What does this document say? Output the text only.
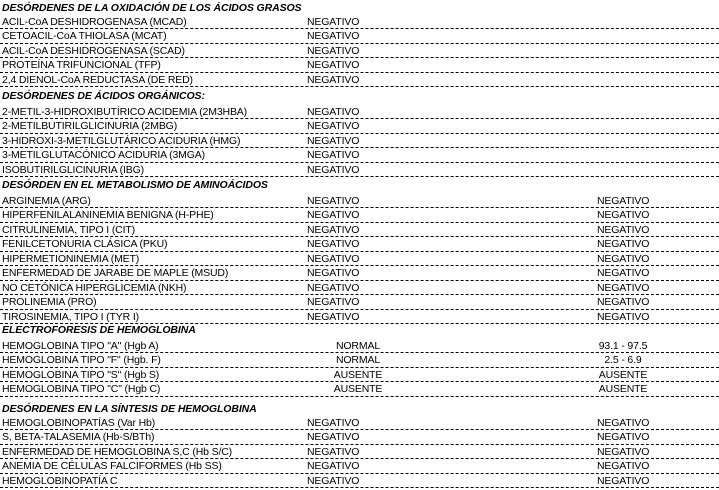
DESÓRDENES DE LA OXIDACIÓN DE LOS ÁCIDOS GRASOS
ACIL-CoA DESHIDROGENASA (MCAD)	NEGATIVO
CETOACIL-CoA THIOLASA (MCAT)	NEGATIVO
ACIL-CoA DESHIDROGENASA (SCAD)	NEGATIVO
PROTEÍNA TRIFUNCIONAL (TFP)	NEGATIVO
2,4 DIENOL-CoA REDUCTASA (DE RED)	NEGATIVO
DESÓRDENES DE ÁCIDOS ORGÁNICOS:
2-METIL-3-HIDROXIBUTÍRICO ACIDEMIA (2M3HBA)	NEGATIVO
2-METILBUTIRILGLICINURIA (2MBG)	NEGATIVO
3-HIDROXI-3-METILGLUTÁRICO ACIDURIA (HMG)	NEGATIVO
3-METILGLUTACÓNICO ACIDURIA (3MGA)	NEGATIVO
ISOBUTIRILGLICINURIA (IBG)	NEGATIVO
DESÓRDEN EN EL METABOLISMO DE AMINOÁCIDOS
ARGINEMIA (ARG)	NEGATIVO	NEGATIVO
HIPERFENILALANINEMIA BENIGNA (H-PHE)	NEGATIVO	NEGATIVO
CITRULINEMIA, TIPO I (CIT)	NEGATIVO	NEGATIVO
FENILCETONURIA CLÁSICA (PKU)	NEGATIVO	NEGATIVO
HIPERMETIONINEMIA (MET)	NEGATIVO	NEGATIVO
ENFERMEDAD DE JARABE DE MAPLE (MSUD)	NEGATIVO	NEGATIVO
NO CETÓNICA HIPERGLICEMIA (NKH)	NEGATIVO	NEGATIVO
PROLINEMIA (PRO)	NEGATIVO	NEGATIVO
TIROSINEMIA, TIPO I (TYR I)	NEGATIVO	NEGATIVO
ELECTROFORESIS DE HEMOGLOBINA
HEMOGLOBINA TIPO "A" (Hgb A)	NORMAL	93.1 - 97.5
HEMOGLOBINA TIPO "F" (Hgb. F)	NORMAL	2.5 - 6.9
HEMOGLOBINA TIPO "S" (Hgb S)	AUSENTE	AUSENTE
HEMOGLOBINA TIPO "C" (Hgb C)	AUSENTE	AUSENTE
DESÓRDENES EN LA SÍNTESIS DE HEMOGLOBINA
HEMOGLOBINOPATÍAS (Var Hb)	NEGATIVO	NEGATIVO
S, BETA-TALASEMIA (Hb-S/BTh)	NEGATIVO	NEGATIVO
ENFERMEDAD DE HEMOGLOBINA S,C (Hb S/C)	NEGATIVO	NEGATIVO
ANEMIA DE CÉLULAS FALCIFORMES (Hb SS)	NEGATIVO	NEGATIVO
HEMOGLOBINOPATÍA C	NEGATIVO	NEGATIVO
